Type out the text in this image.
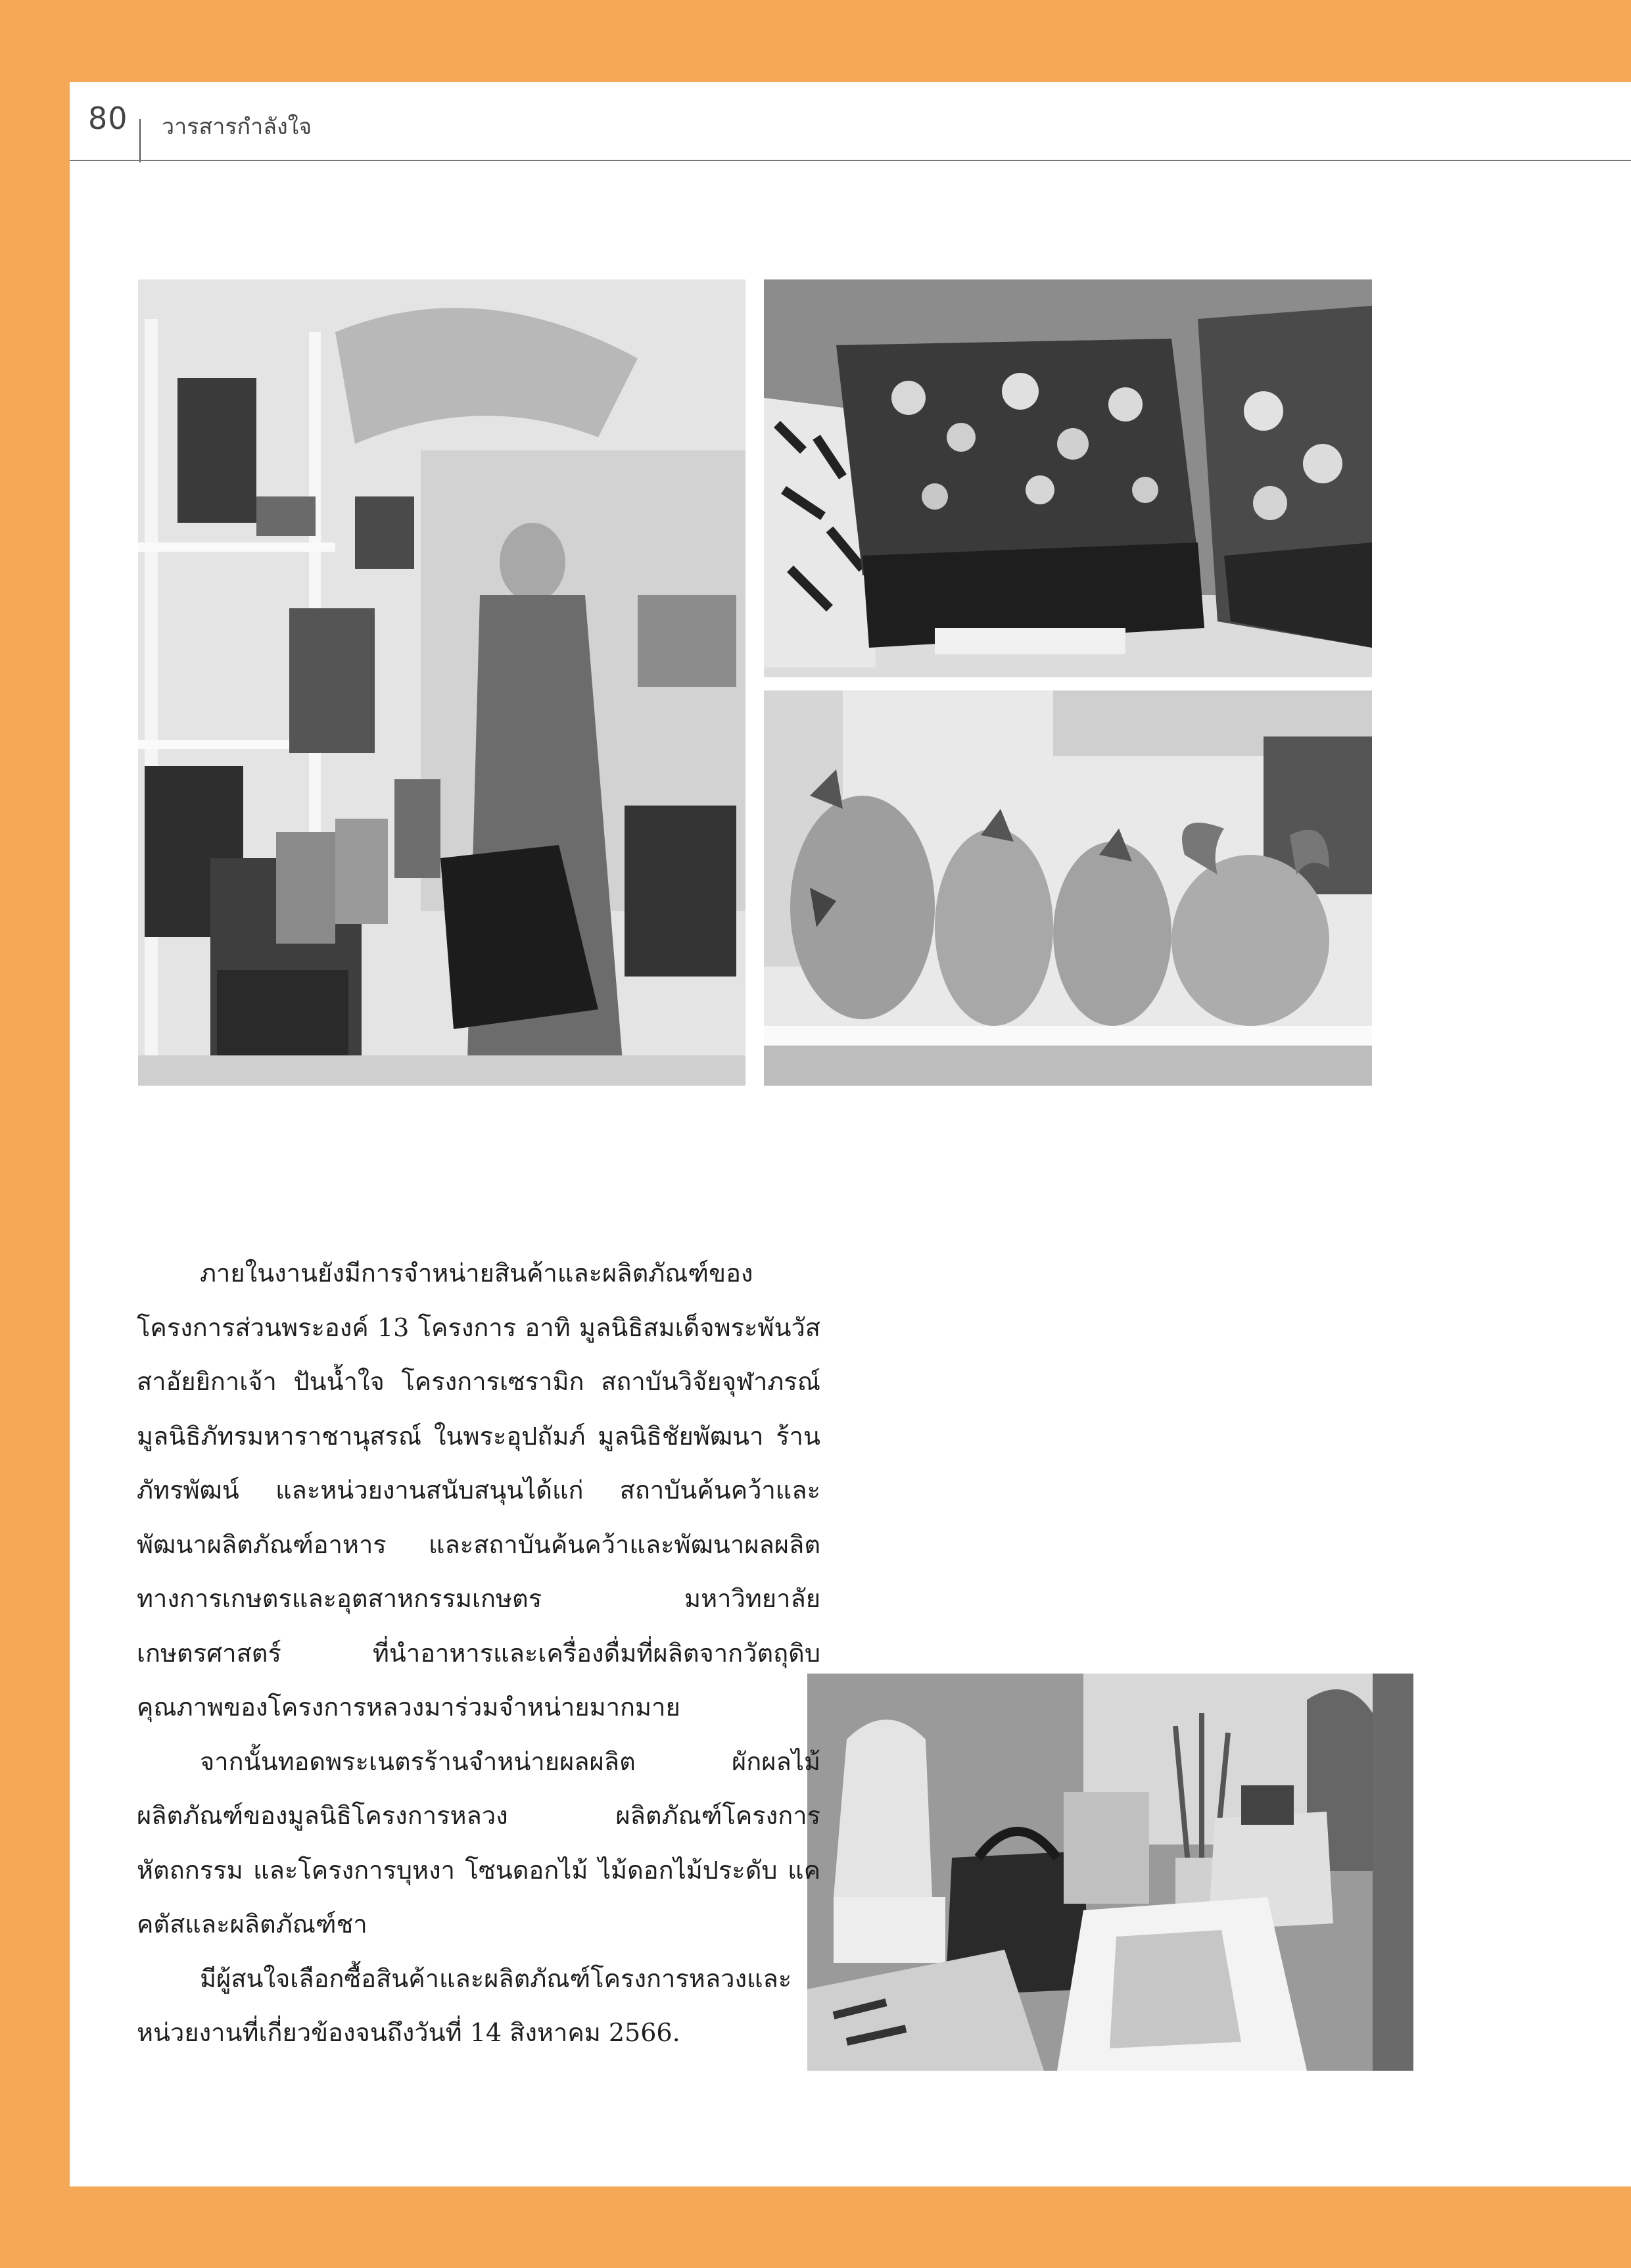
80 วารสารกำลังใจ

ภายในงานยังมีการจำหน่ายสินค้าและผลิตภัณฑ์ของโครงการส่วนพระองค์ 13 โครงการ อาทิ มูลนิธิสมเด็จพระพันวัสสาอัยยิกาเจ้า ปันน้ำใจ โครงการเซรามิก สถาบันวิจัยจุฬาภรณ์ มูลนิธิภัทรมหาราชานุสรณ์ ในพระอุปถัมภ์ มูลนิธิชัยพัฒนา ร้านภัทรพัฒน์ และหน่วยงานสนับสนุนได้แก่ สถาบันค้นคว้าและพัฒนาผลิตภัณฑ์อาหาร และสถาบันค้นคว้าและพัฒนาผลผลิตทางการเกษตรและอุตสาหกรรมเกษตร มหาวิทยาลัยเกษตรศาสตร์ ที่นำอาหารและเครื่องดื่มที่ผลิตจากวัตถุดิบคุณภาพของโครงการหลวงมาร่วมจำหน่ายมากมาย

จากนั้นทอดพระเนตรร้านจำหน่ายผลผลิต ผักผลไม้ ผลิตภัณฑ์ของมูลนิธิโครงการหลวง ผลิตภัณฑ์โครงการหัตถกรรม และโครงการบุหงา โซนดอกไม้ ไม้ดอกไม้ประดับ แคคตัสและผลิตภัณฑ์ชา

มีผู้สนใจเลือกซื้อสินค้าและผลิตภัณฑ์โครงการหลวงและหน่วยงานที่เกี่ยวข้องจนถึงวันที่ 14 สิงหาคม 2566.
